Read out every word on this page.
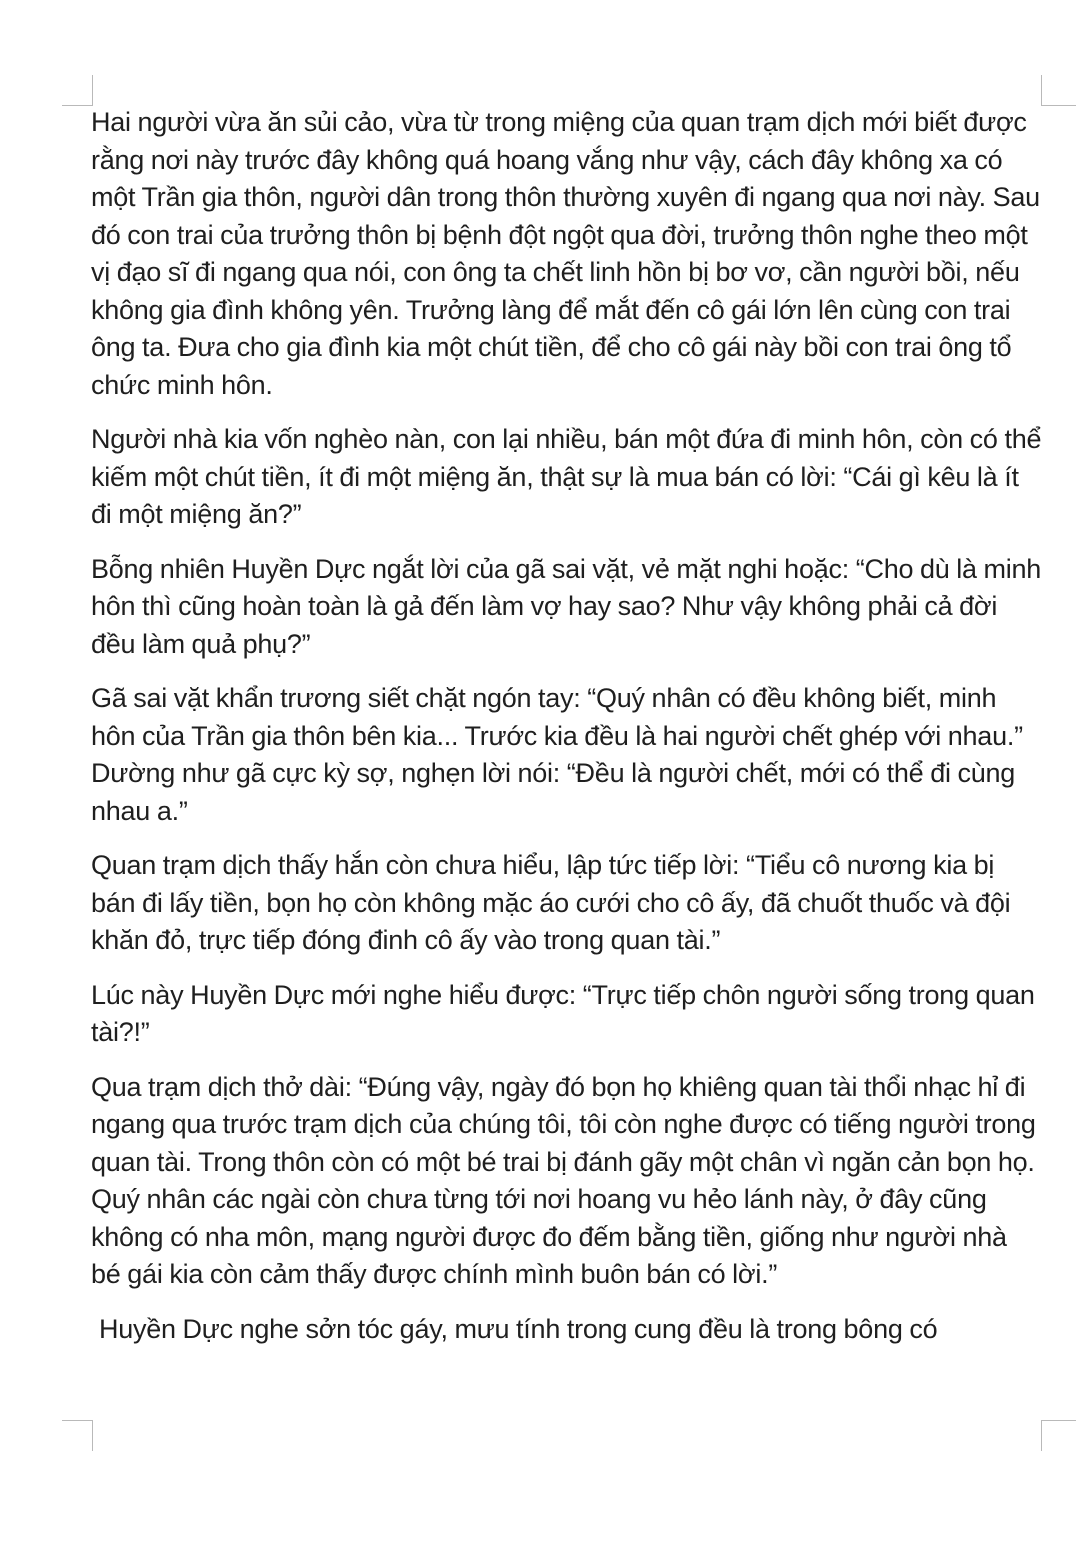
Hai người vừa ăn sủi cảo, vừa từ trong miệng của quan trạm dịch mới biết được rằng nơi này trước đây không quá hoang vắng như vậy, cách đây không xa có một Trần gia thôn, người dân trong thôn thường xuyên đi ngang qua nơi này. Sau đó con trai của trưởng thôn bị bệnh đột ngột qua đời, trưởng thôn nghe theo một vị đạo sĩ đi ngang qua nói, con ông ta chết linh hồn bị bơ vơ, cần người bồi, nếu không gia đình không yên. Trưởng làng để mắt đến cô gái lớn lên cùng con trai ông ta. Đưa cho gia đình kia một chút tiền, để cho cô gái này bồi con trai ông tổ chức minh hôn.

Người nhà kia vốn nghèo nàn, con lại nhiều, bán một đứa đi minh hôn, còn có thể kiếm một chút tiền, ít đi một miệng ăn, thật sự là mua bán có lời: “Cái gì kêu là ít đi một miệng ăn?”

Bỗng nhiên Huyền Dực ngắt lời của gã sai vặt, vẻ mặt nghi hoặc: “Cho dù là minh hôn thì cũng hoàn toàn là gả đến làm vợ hay sao? Như vậy không phải cả đời đều làm quả phụ?”

Gã sai vặt khẩn trương siết chặt ngón tay: “Quý nhân có đều không biết, minh hôn của Trần gia thôn bên kia... Trước kia đều là hai người chết ghép với nhau.” Dường như gã cực kỳ sợ, nghẹn lời nói: “Đều là người chết, mới có thể đi cùng nhau a.”

Quan trạm dịch thấy hắn còn chưa hiểu, lập tức tiếp lời: “Tiểu cô nương kia bị bán đi lấy tiền, bọn họ còn không mặc áo cưới cho cô ấy, đã chuốt thuốc và đội khăn đỏ, trực tiếp đóng đinh cô ấy vào trong quan tài.”

Lúc này Huyền Dực mới nghe hiểu được: “Trực tiếp chôn người sống trong quan tài?!”

Qua trạm dịch thở dài: “Đúng vậy, ngày đó bọn họ khiêng quan tài thổi nhạc hỉ đi ngang qua trước trạm dịch của chúng tôi, tôi còn nghe được có tiếng người trong quan tài. Trong thôn còn có một bé trai bị đánh gãy một chân vì ngăn cản bọn họ. Quý nhân các ngài còn chưa từng tới nơi hoang vu hẻo lánh này, ở đây cũng không có nha môn, mạng người được đo đếm bằng tiền, giống như người nhà bé gái kia còn cảm thấy được chính mình buôn bán có lời.”

Huyền Dực nghe sởn tóc gáy, mưu tính trong cung đều là trong bông có
